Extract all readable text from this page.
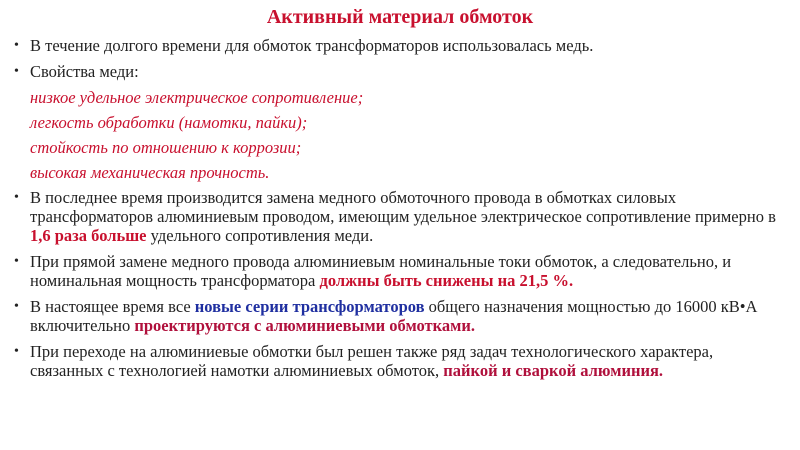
Активный материал обмоток
• В течение долгого времени для обмоток трансформаторов использовалась медь.
• Свойства меди:
низкое удельное электрическое сопротивление;
легкость обработки (намотки, пайки);
стойкость по отношению к коррозии;
высокая механическая прочность.
• В последнее время производится замена медного обмоточного провода в обмотках силовых трансформаторов алюминиевым проводом, имеющим удельное электрическое сопротивление примерно в 1,6 раза больше удельного сопротивления меди.
• При прямой замене медного провода алюминиевым номинальные токи обмоток, а следовательно, и номинальная мощность трансформатора должны быть снижены на 21,5 %.
• В настоящее время все новые серии трансформаторов общего назначения мощностью до 16000 кВ•А включительно проектируются с алюминиевыми обмотками.
• При переходе на алюминиевые обмотки был решен также ряд задач технологического характера, связанных с технологией намотки алюминиевых обмоток, пайкой и сваркой алюминия.
